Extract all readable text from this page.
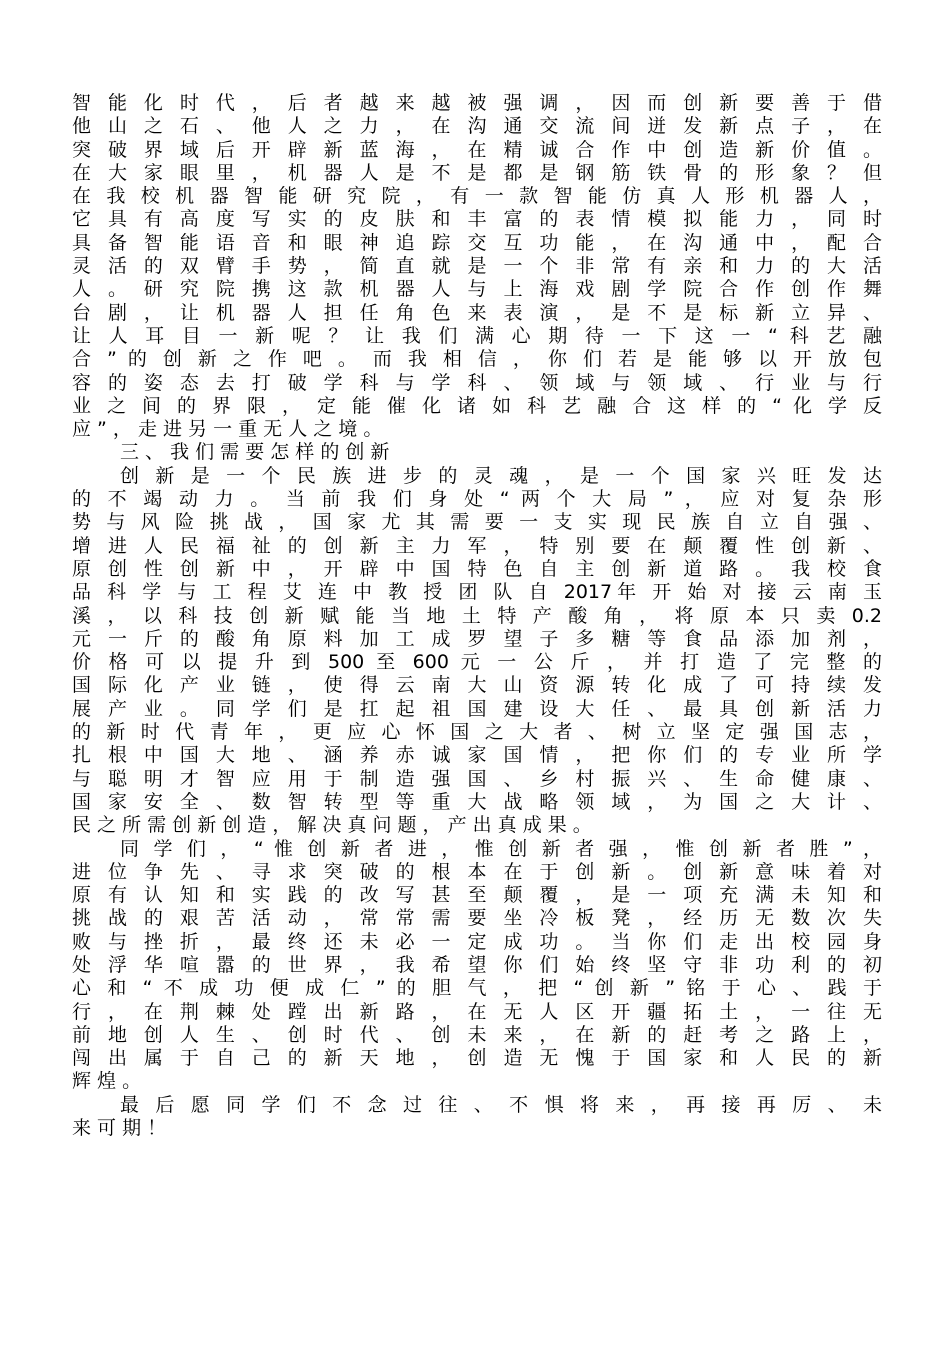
智 能 化 时 代 ， 后 者 越 来 越 被 强 调 ， 因 而 创 新 要 善 于 借
他 山 之 石 、 他 人 之 力 ， 在 沟 通 交 流 间 迸 发 新 点 子 ， 在
突 破 界 域 后 开 辟 新 蓝 海 ， 在 精 诚 合 作 中 创 造 新 价 值 。
在 大 家 眼 里 ， 机 器 人 是 不 是 都 是 钢 筋 铁 骨 的 形 象 ？ 但
在 我 校 机 器 智 能 研 究 院 ， 有 一 款 智 能 仿 真 人 形 机 器 人 ，
它 具 有 高 度 写 实 的 皮 肤 和 丰 富 的 表 情 模 拟 能 力 ， 同 时
具 备 智 能 语 音 和 眼 神 追 踪 交 互 功 能 ， 在 沟 通 中 ， 配 合
灵 活 的 双 臂 手 势 ， 简 直 就 是 一 个 非 常 有 亲 和 力 的 大 活
人 。 研 究 院 携 这 款 机 器 人 与 上 海 戏 剧 学 院 合 作 创 作 舞
台 剧 ， 让 机 器 人 担 任 角 色 来 表 演 ， 是 不 是 标 新 立 异 、
让 人 耳 目 一 新 呢 ？ 让 我 们 满 心 期 待 一 下 这 一 “ 科 艺 融
合 ” 的 创 新 之 作 吧 。 而 我 相 信 ， 你 们 若 是 能 够 以 开 放 包
容 的 姿 态 去 打 破 学 科 与 学 科 、 领 域 与 领 域 、 行 业 与 行
业 之 间 的 界 限 ， 定 能 催 化 诸 如 科 艺 融 合 这 样 的 “ 化 学 反
应 ” ， 走 进 另 一 重 无 人 之 境 。
三 、 我 们 需 要 怎 样 的 创 新
创 新 是 一 个 民 族 进 步 的 灵 魂 ， 是 一 个 国 家 兴 旺 发 达
的 不 竭 动 力 。 当 前 我 们 身 处 “ 两 个 大 局 ” ， 应 对 复 杂 形
势 与 风 险 挑 战 ， 国 家 尤 其 需 要 一 支 实 现 民 族 自 立 自 强 、
增 进 人 民 福 祉 的 创 新 主 力 军 ， 特 别 要 在 颠 覆 性 创 新 、
原 创 性 创 新 中 ， 开 辟 中 国 特 色 自 主 创 新 道 路 。 我 校 食
品 科 学 与 工 程 艾 连 中 教 授 团 队 自 2017年 开 始 对 接 云 南 玉
溪 ， 以 科 技 创 新 赋 能 当 地 土 特 产 酸 角 ， 将 原 本 只 卖 0.2
元 一 斤 的 酸 角 原 料 加 工 成 罗 望 子 多 糖 等 食 品 添 加 剂 ，
价 格 可 以 提 升 到 500 至 600 元 一 公 斤 ， 并 打 造 了 完 整 的
国 际 化 产 业 链 ， 使 得 云 南 大 山 资 源 转 化 成 了 可 持 续 发
展 产 业 。 同 学 们 是 扛 起 祖 国 建 设 大 任 、 最 具 创 新 活 力
的 新 时 代 青 年 ， 更 应 心 怀 国 之 大 者 、 树 立 坚 定 强 国 志 ，
扎 根 中 国 大 地 、 涵 养 赤 诚 家 国 情 ， 把 你 们 的 专 业 所 学
与 聪 明 才 智 应 用 于 制 造 强 国 、 乡 村 振 兴 、 生 命 健 康 、
国 家 安 全 、 数 智 转 型 等 重 大 战 略 领 域 ， 为 国 之 大 计 、
民 之 所 需 创 新 创 造 ， 解 决 真 问 题 ， 产 出 真 成 果 。
同 学 们 ， “ 惟 创 新 者 进 ， 惟 创 新 者 强 ， 惟 创 新 者 胜 ” ，
进 位 争 先 、 寻 求 突 破 的 根 本 在 于 创 新 。 创 新 意 味 着 对
原 有 认 知 和 实 践 的 改 写 甚 至 颠 覆 ， 是 一 项 充 满 未 知 和
挑 战 的 艰 苦 活 动 ， 常 常 需 要 坐 冷 板 凳 ， 经 历 无 数 次 失
败 与 挫 折 ， 最 终 还 未 必 一 定 成 功 。 当 你 们 走 出 校 园 身
处 浮 华 喧 嚣 的 世 界 ， 我 希 望 你 们 始 终 坚 守 非 功 利 的 初
心 和 “ 不 成 功 便 成 仁 ” 的 胆 气 ， 把 “ 创 新 ” 铭 于 心 、 践 于
行 ， 在 荆 棘 处 蹚 出 新 路 ， 在 无 人 区 开 疆 拓 土 ， 一 往 无
前 地 创 人 生 、 创 时 代 、 创 未 来 ， 在 新 的 赶 考 之 路 上 ，
闯 出 属 于 自 己 的 新 天 地 ， 创 造 无 愧 于 国 家 和 人 民 的 新
辉 煌 。
最 后 愿 同 学 们 不 念 过 往 、 不 惧 将 来 ， 再 接 再 厉 、 未
来 可 期 ！
